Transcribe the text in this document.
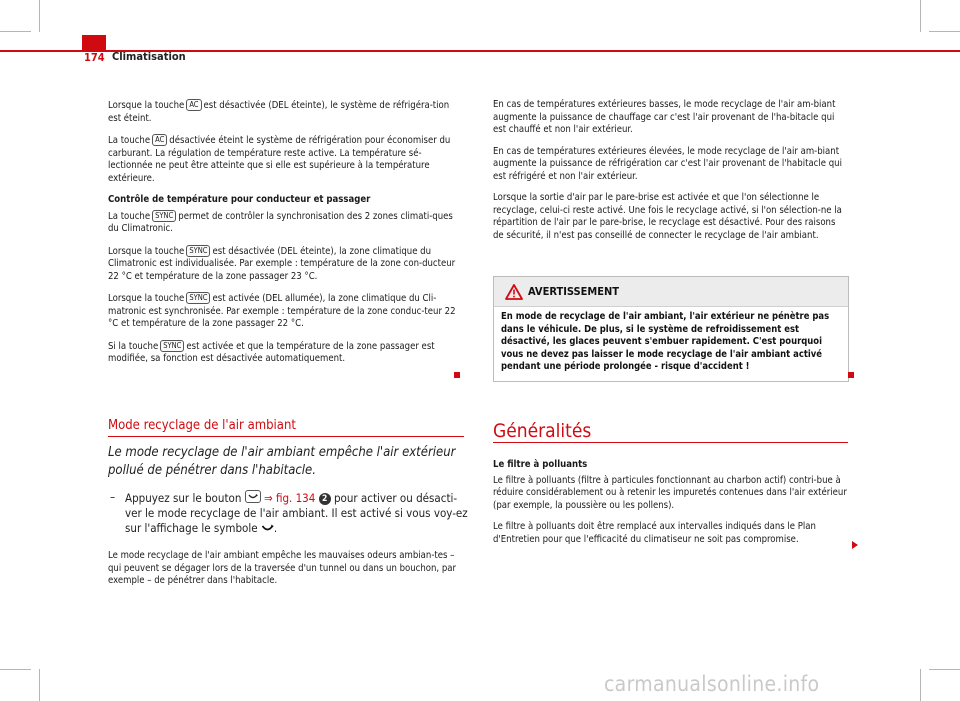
174 Climatisation

Lorsque la touche AC est désactivée (DEL éteinte), le système de réfrigéra-tion est éteint.

La touche AC désactivée éteint le système de réfrigération pour économiser du carburant. La régulation de température reste active. La température sé-lectionnée ne peut être atteinte que si elle est supérieure à la température extérieure.

Contrôle de température pour conducteur et passager

La touche SYNC permet de contrôler la synchronisation des 2 zones climati-ques du Climatronic.

Lorsque la touche SYNC est désactivée (DEL éteinte), la zone climatique du Climatronic est individualisée. Par exemple : température de la zone con-ducteur 22 °C et température de la zone passager 23 °C.

Lorsque la touche SYNC est activée (DEL allumée), la zone climatique du Cli-matronic est synchronisée. Par exemple : température de la zone conduc-teur 22 °C et température de la zone passager 22 °C.

Si la touche SYNC est activée et que la température de la zone passager est modifiée, sa fonction est désactivée automatiquement.

Mode recyclage de l'air ambiant
Le mode recyclage de l'air ambiant empêche l'air extérieur pollué de pénétrer dans l'habitacle.
– Appuyez sur le bouton ⇒ fig. 134 2 pour activer ou désacti-ver le mode recyclage de l'air ambiant. Il est activé si vous voy-ez sur l'affichage le symbole .

Le mode recyclage de l'air ambiant empêche les mauvaises odeurs ambian-tes – qui peuvent se dégager lors de la traversée d'un tunnel ou dans un bouchon, par exemple – de pénétrer dans l'habitacle.

En cas de températures extérieures basses, le mode recyclage de l'air am-biant augmente la puissance de chauffage car c'est l'air provenant de l'ha-bitacle qui est chauffé et non l'air extérieur.

En cas de températures extérieures élevées, le mode recyclage de l'air am-biant augmente la puissance de réfrigération car c'est l'air provenant de l'habitacle qui est réfrigéré et non l'air extérieur.

Lorsque la sortie d'air par le pare-brise est activée et que l'on sélectionne le recyclage, celui-ci reste activé. Une fois le recyclage activé, si l'on sélection-ne la répartition de l'air par le pare-brise, le recyclage est désactivé. Pour des raisons de sécurité, il n'est pas conseillé de connecter le recyclage de l'air ambiant.

AVERTISSEMENT
En mode de recyclage de l'air ambiant, l'air extérieur ne pénètre pas dans le véhicule. De plus, si le système de refroidissement est désactivé, les glaces peuvent s'embuer rapidement. C'est pourquoi vous ne devez pas laisser le mode recyclage de l'air ambiant activé pendant une période prolongée - risque d'accident !
Généralités

Le filtre à polluants

Le filtre à polluants (filtre à particules fonctionnant au charbon actif) contri-bue à réduire considérablement ou à retenir les impuretés contenues dans l'air extérieur (par exemple, la poussière ou les pollens).

Le filtre à polluants doit être remplacé aux intervalles indiqués dans le Plan d'Entretien pour que l'efficacité du climatiseur ne soit pas compromise.

carmanualsonline.info
